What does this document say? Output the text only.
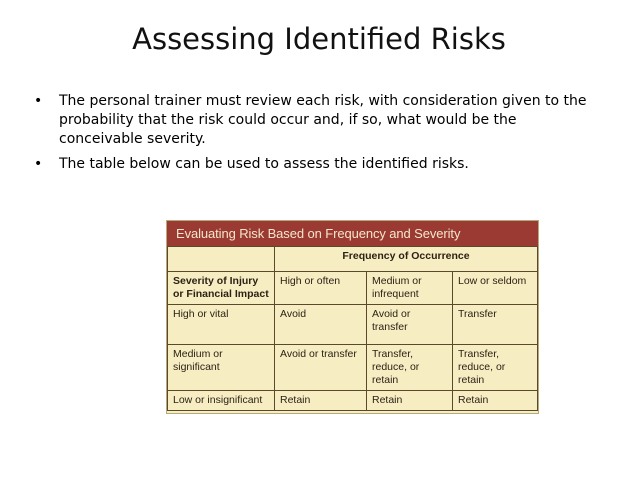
Assessing Identified Risks
• The personal trainer must review each risk, with consideration given to the probability that the risk could occur and, if so, what would be the conceivable severity.
• The table below can be used to assess the identified risks.
Evaluating Risk Based on Frequency and Severity
	Frequency of Occurrence		
Severity of Injury or Financial Impact	High or often	Medium or infrequent	Low or seldom
High or vital	Avoid	Avoid or transfer	Transfer
Medium or significant	Avoid or transfer	Transfer, reduce, or retain	Transfer, reduce, or retain
Low or insignificant	Retain	Retain	Retain
